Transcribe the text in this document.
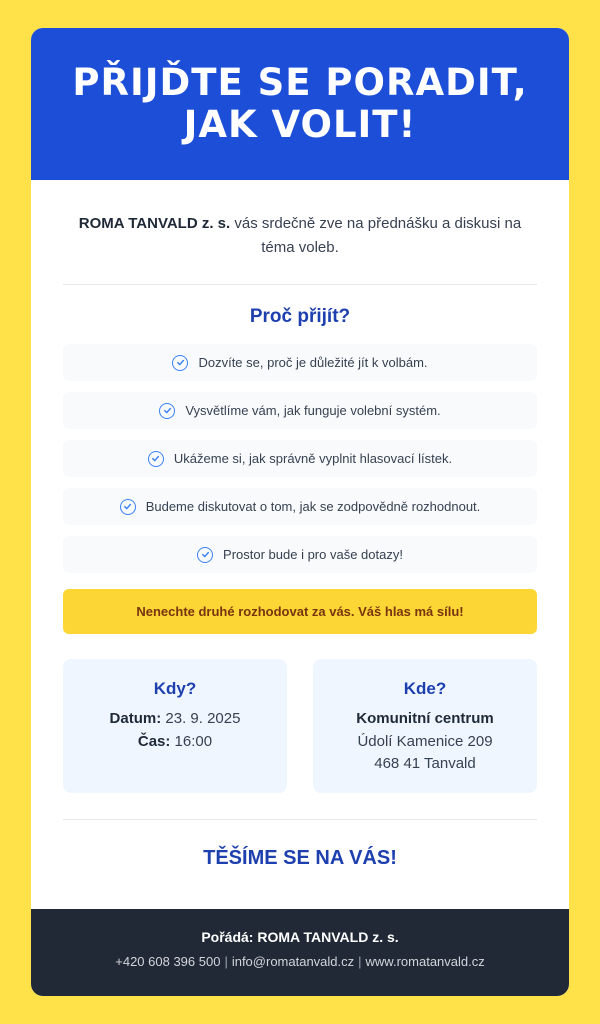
PŘIJĎTE SE PORADIT,
JAK VOLIT!

ROMA TANVALD z. s. vás srdečně zve na přednášku a diskusi na téma voleb.

Proč přijít?
Dozvíte se, proč je důležité jít k volbám.
Vysvětlíme vám, jak funguje volební systém.
Ukážeme si, jak správně vyplnit hlasovací lístek.
Budeme diskutovat o tom, jak se zodpovědně rozhodnout.
Prostor bude i pro vaše dotazy!
Nenechte druhé rozhodovat za vás. Váš hlas má sílu!
Kdy?
Datum: 23. 9. 2025
Čas: 16:00
Kde?
Komunitní centrum
Údolí Kamenice 209
468 41 Tanvald
TĚŠÍME SE NA VÁS!
Pořádá: ROMA TANVALD z. s.
+420 608 396 500 | info@romatanvald.cz | www.romatanvald.cz
